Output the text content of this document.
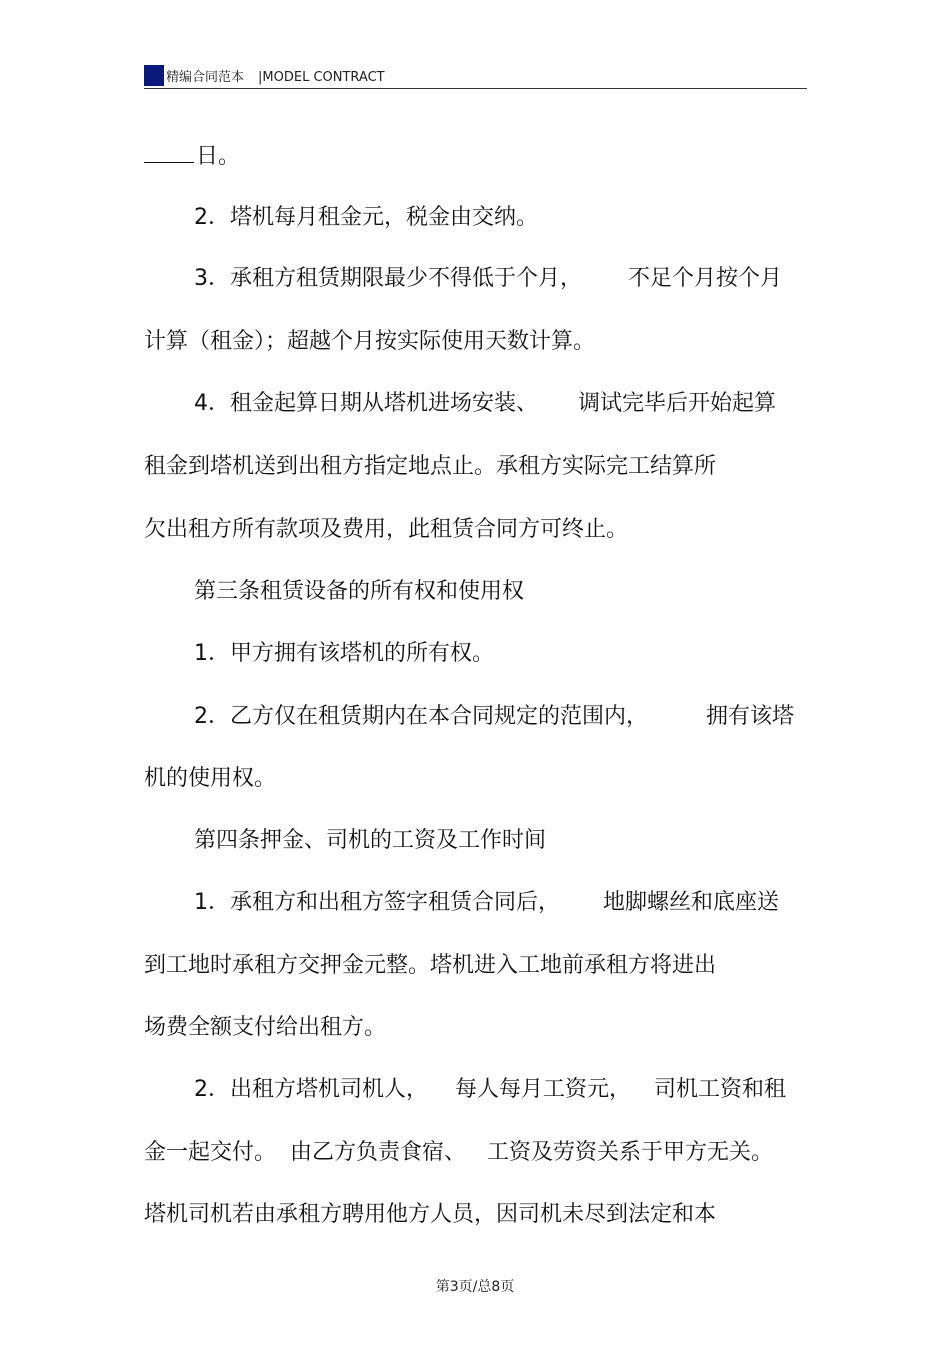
精编合同范本 |MODEL CONTRACT
日。
2．塔机每月租金元，税金由交纳。
3．承租方租赁期限最少不得低于个月， 不足个月按个月
计算（租金）；超越个月按实际使用天数计算。
4．租金起算日期从塔机进场安装、 调试完毕后开始起算
租金到塔机送到出租方指定地点止。承租方实际完工结算所
欠出租方所有款项及费用，此租赁合同方可终止。
第三条租赁设备的所有权和使用权
1．甲方拥有该塔机的所有权。
2．乙方仅在租赁期内在本合同规定的范围内，	拥有该塔
机的使用权。
第四条押金、司机的工资及工作时间
1．承租方和出租方签字租赁合同后， 地脚螺丝和底座送
到工地时承租方交押金元整。塔机进入工地前承租方将进出
场费全额支付给出租方。
2．出租方塔机司机人， 每人每月工资元， 司机工资和租
金一起交付。 由乙方负责食宿、 工资及劳资关系于甲方无关。
塔机司机若由承租方聘用他方人员，因司机未尽到法定和本
第3页/总8页
